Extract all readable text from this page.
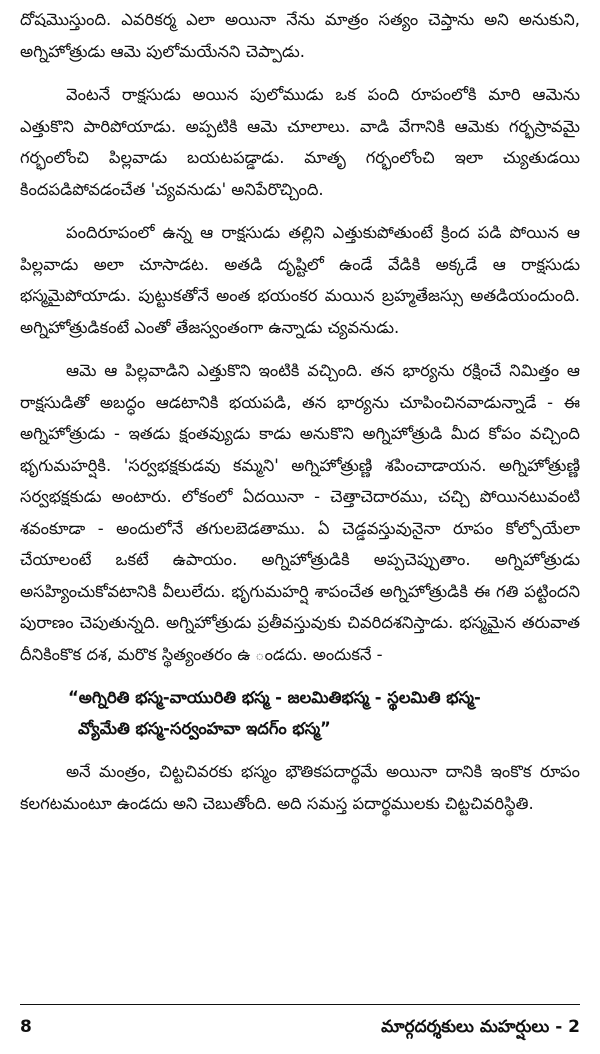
దోషమొస్తుంది. ఎవరికర్మ ఎలా అయినా నేను మాత్రం సత్యం చెప్తాను అని అనుకుని, అగ్నిహోత్రుడు ఆమె పులోమయేనని చెప్పాడు.

వెంటనే రాక్షసుడు అయిన పులోముడు ఒక పంది రూపంలోకి మారి ఆమెను ఎత్తుకొని పారిపోయాడు. అప్పటికి ఆమె చూలాలు. వాడి వేగానికి ఆమెకు గర్భస్రావమై గర్భంలోంచి పిల్లవాడు బయటపడ్డాడు. మాతృ గర్భంలోంచి ఇలా చ్యుతుడయి కిందపడిపోవడంచేత 'చ్యవనుడు' అనిపేరొచ్చింది.

పందిరూపంలో ఉన్న ఆ రాక్షసుడు తల్లిని ఎత్తుకుపోతుంటే క్రింద పడి పోయిన ఆ పిల్లవాడు అలా చూసాడట. అతడి దృష్టిలో ఉండే వేడికి అక్కడే ఆ రాక్షసుడు భస్మమైపోయాడు. పుట్టుకతోనే అంత భయంకర మయిన బ్రహ్మతేజస్సు అతడియందుంది. అగ్నిహోత్రుడికంటే ఎంతో తేజస్వంతంగా ఉన్నాడు చ్యవనుడు.

ఆమె ఆ పిల్లవాడిని ఎత్తుకొని ఇంటికి వచ్చింది. తన భార్యను రక్షించే నిమిత్తం ఆ రాక్షసుడితో అబద్ధం ఆడటానికి భయపడి, తన భార్యను చూపించినవాడున్నాడే - ఈ అగ్నిహోత్రుడు - ఇతడు క్షంతవ్యుడు కాడు అనుకొని అగ్నిహోత్రుడి మీద కోపం వచ్చింది భృగుమహర్షికి. 'సర్వభక్షకుడవు కమ్మని' అగ్నిహోత్రుణ్ణి శపించాడాయన. అగ్నిహోత్రుణ్ణి సర్వభక్షకుడు అంటారు. లోకంలో ఏదయినా - చెత్తాచెదారము, చచ్చి పోయినటువంటి శవంకూడా - అందులోనే తగులబెడతాము. ఏ చెడ్డవస్తువునైనా రూపం కోల్పోయేలా చేయాలంటే ఒకటే ఉపాయం. అగ్నిహోత్రుడికి అప్పచెప్పుతాం. అగ్నిహోత్రుడు అసహ్యించుకోవటానికి వీలులేదు. భృగుమహర్షి శాపంచేత అగ్నిహోత్రుడికి ఈ గతి పట్టిందని పురాణం చెపుతున్నది. అగ్నిహోత్రుడు ప్రతీవస్తువుకు చివరిదశనిస్తాడు. భస్మమైన తరువాత దీనికింకొక దశ, మరొక స్థిత్యంతరం ఉ ండదు. అందుకనే -

“అగ్నిరితి భస్మ-వాయురితి భస్మ - జలమితిభస్మ - స్థలమితి భస్మ-
వ్యోమేతి భస్మ-సర్వంహవా ఇదగ్ం భస్మ”

అనే మంత్రం, చిట్టచివరకు భస్మం భౌతికపదార్థమే అయినా దానికి ఇంకొక రూపం కలగటమంటూ ఉండదు అని చెబుతోంది. అది సమస్త పదార్థములకు చిట్టచివరిస్థితి.

8	మార్గదర్శకులు మహర్షులు - 2
